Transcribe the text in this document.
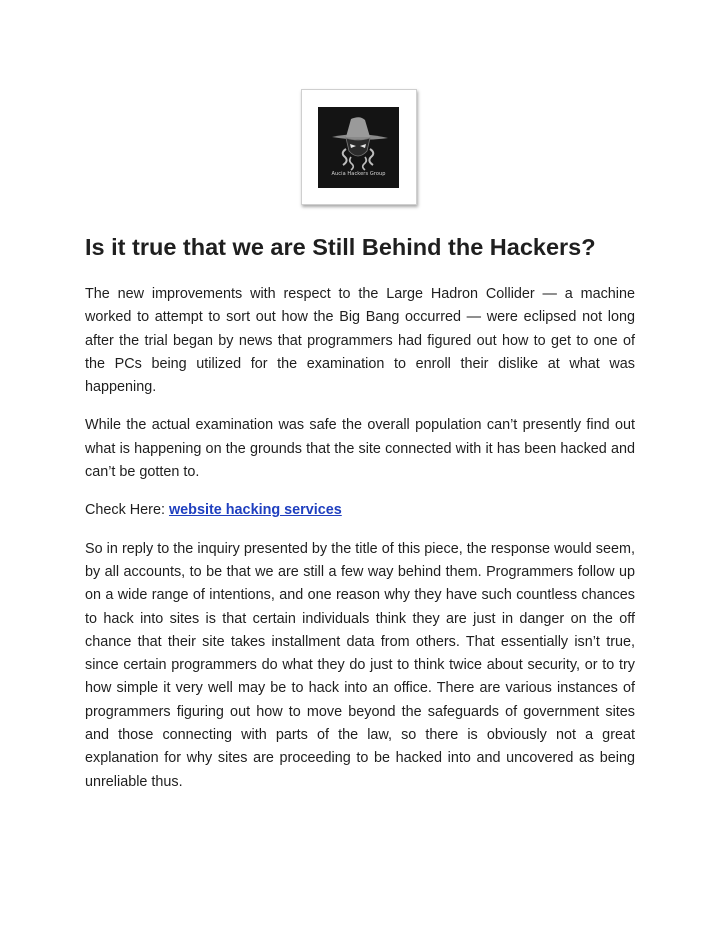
Aucia Hackers Group
Is it true that we are Still Behind the Hackers?

The new improvements with respect to the Large Hadron Collider — a machine worked to attempt to sort out how the Big Bang occurred — were eclipsed not long after the trial began by news that programmers had figured out how to get to one of the PCs being utilized for the examination to enroll their dislike at what was happening.

While the actual examination was safe the overall population can’t presently find out what is happening on the grounds that the site connected with it has been hacked and can’t be gotten to.

Check Here: website hacking services

So in reply to the inquiry presented by the title of this piece, the response would seem, by all accounts, to be that we are still a few way behind them. Programmers follow up on a wide range of intentions, and one reason why they have such countless chances to hack into sites is that certain individuals think they are just in danger on the off chance that their site takes installment data from others. That essentially isn’t true, since certain programmers do what they do just to think twice about security, or to try how simple it very well may be to hack into an office. There are various instances of programmers figuring out how to move beyond the safeguards of government sites and those connecting with parts of the law, so there is obviously not a great explanation for why sites are proceeding to be hacked into and uncovered as being unreliable thus.
